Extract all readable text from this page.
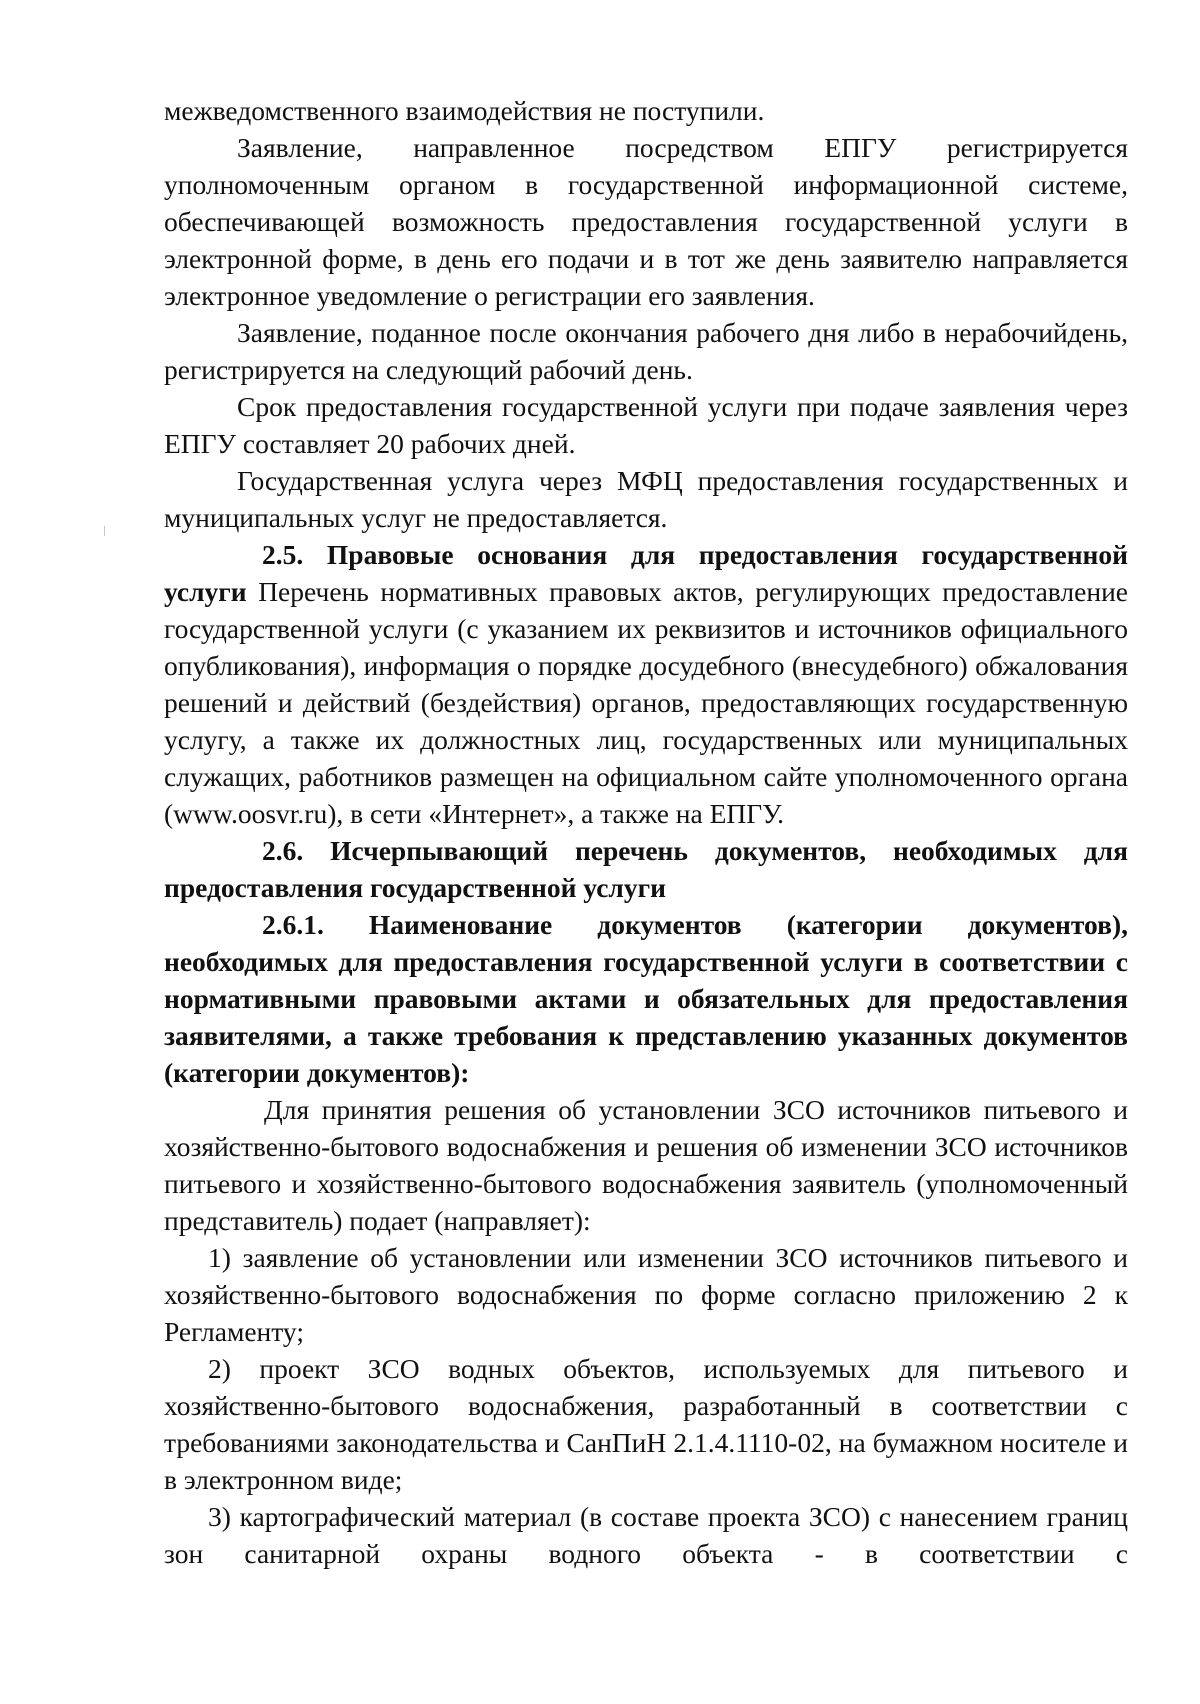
межведомственного взаимодействия не поступили.

Заявление, направленное посредством ЕПГУ регистрируется уполномоченным органом в государственной информационной системе, обеспечивающей возможность предоставления государственной услуги в электронной форме, в день его подачи и в тот же день заявителю направляется электронное уведомление о регистрации его заявления.

Заявление, поданное после окончания рабочего дня либо в нерабочийдень, регистрируется на следующий рабочий день.

Срок предоставления государственной услуги при подаче заявления через ЕПГУ составляет 20 рабочих дней.

Государственная услуга через МФЦ предоставления государственных и муниципальных услуг не предоставляется.

2.5. Правовые основания для предоставления государственной услуги Перечень нормативных правовых актов, регулирующих предоставление государственной услуги (с указанием их реквизитов и источников официального опубликования), информация о порядке досудебного (внесудебного) обжалования решений и действий (бездействия) органов, предоставляющих государственную услугу, а также их должностных лиц, государственных или муниципальных служащих, работников размещен на официальном сайте уполномоченного органа (www.oosvr.ru), в сети «Интернет», а также на ЕПГУ.

2.6. Исчерпывающий перечень документов, необходимых для предоставления государственной услуги

2.6.1. Наименование документов (категории документов), необходимых для предоставления государственной услуги в соответствии с нормативными правовыми актами и обязательных для предоставления заявителями, а также требования к представлению указанных документов (категории документов):

Для принятия решения об установлении ЗСО источников питьевого и хозяйственно-бытового водоснабжения и решения об изменении ЗСО источников питьевого и хозяйственно-бытового водоснабжения заявитель (уполномоченный представитель) подает (направляет):

1) заявление об установлении или изменении ЗСО источников питьевого и хозяйственно-бытового водоснабжения по форме согласно приложению 2 к Регламенту;

2) проект ЗСО водных объектов, используемых для питьевого и хозяйственно-бытового водоснабжения, разработанный в соответствии с требованиями законодательства и СанПиН 2.1.4.1110-02, на бумажном носителе и в электронном виде;

3) картографический материал (в составе проекта ЗСО) с нанесением границ зон санитарной охраны водного объекта - в соответствии с
